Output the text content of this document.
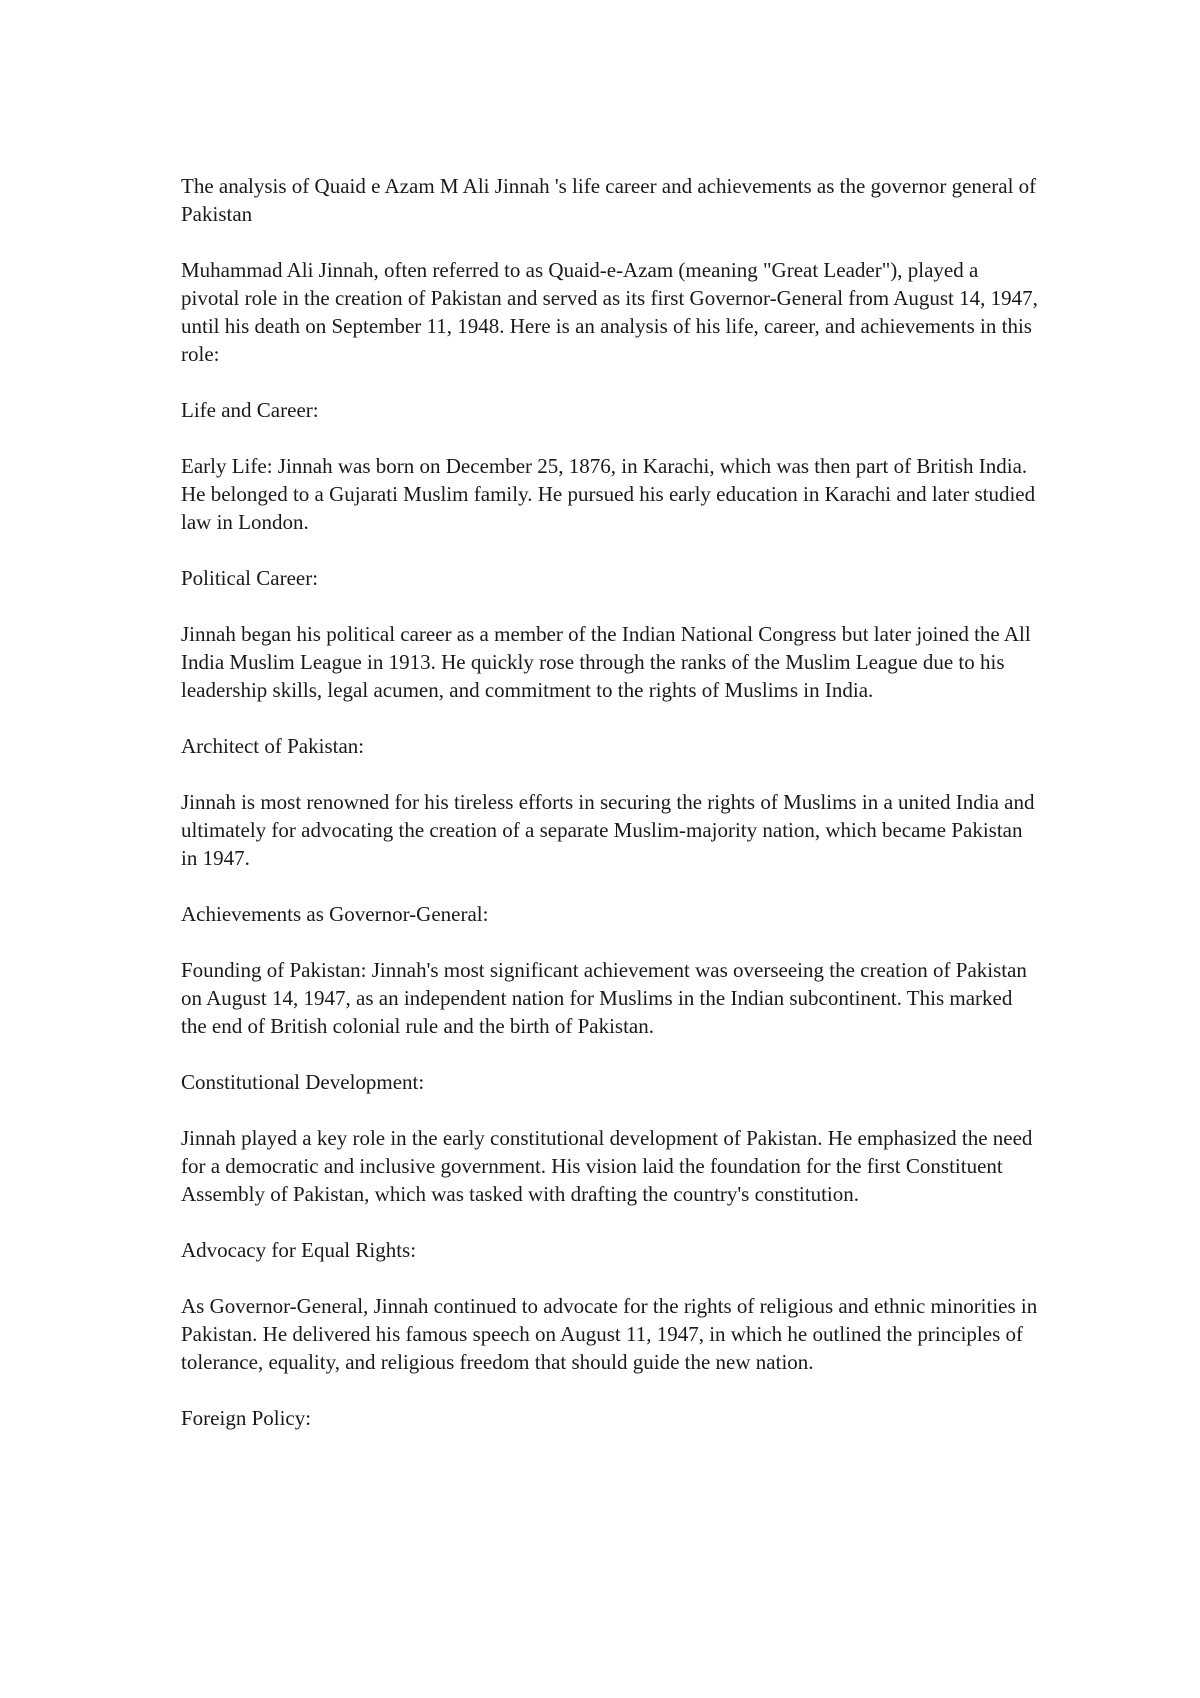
The analysis of Quaid e Azam M Ali Jinnah 's life career and achievements as the governor general of Pakistan

Muhammad Ali Jinnah, often referred to as Quaid-e-Azam (meaning "Great Leader"), played a pivotal role in the creation of Pakistan and served as its first Governor-General from August 14, 1947, until his death on September 11, 1948. Here is an analysis of his life, career, and achievements in this role:

Life and Career:

Early Life: Jinnah was born on December 25, 1876, in Karachi, which was then part of British India. He belonged to a Gujarati Muslim family. He pursued his early education in Karachi and later studied law in London.

Political Career:

Jinnah began his political career as a member of the Indian National Congress but later joined the All India Muslim League in 1913. He quickly rose through the ranks of the Muslim League due to his leadership skills, legal acumen, and commitment to the rights of Muslims in India.

Architect of Pakistan:

Jinnah is most renowned for his tireless efforts in securing the rights of Muslims in a united India and ultimately for advocating the creation of a separate Muslim-majority nation, which became Pakistan in 1947.

Achievements as Governor-General:

Founding of Pakistan: Jinnah's most significant achievement was overseeing the creation of Pakistan on August 14, 1947, as an independent nation for Muslims in the Indian subcontinent. This marked the end of British colonial rule and the birth of Pakistan.

Constitutional Development:

Jinnah played a key role in the early constitutional development of Pakistan. He emphasized the need for a democratic and inclusive government. His vision laid the foundation for the first Constituent Assembly of Pakistan, which was tasked with drafting the country's constitution.

Advocacy for Equal Rights:

As Governor-General, Jinnah continued to advocate for the rights of religious and ethnic minorities in Pakistan. He delivered his famous speech on August 11, 1947, in which he outlined the principles of tolerance, equality, and religious freedom that should guide the new nation.

Foreign Policy:
